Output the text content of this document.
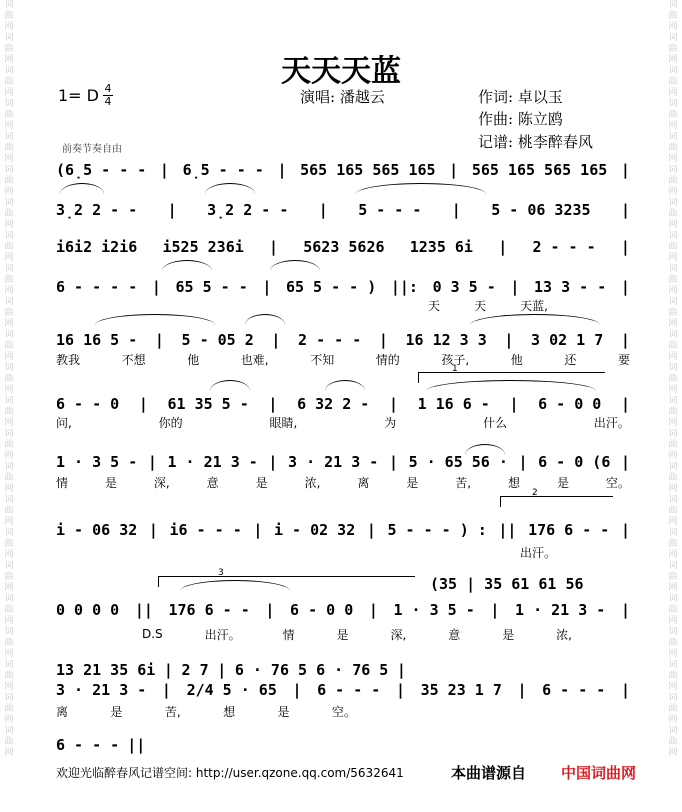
词
曲
网
词
曲
网
词
曲
网
词
曲
网
词
曲
网
词
曲
网
词
曲
网
词
曲
网
词
曲
网
词
曲
网
词
曲
网
词
曲
网
词
曲
网
词
曲
网
词
曲
网
词
曲
网
词
曲
网
词
曲
网
词
曲
网
词
曲
网
词
曲
网
词
曲
网
词
曲
网
词
曲
网
词
曲
网
词
曲
网
词
曲
网
词
曲
网
词
曲
网
词
曲
网
词
曲
网
词
曲
网
词
曲
网
词
曲
网
词
曲
网
词
曲
网
词
曲
网
词
曲
网
词
曲
网
词
曲
网
词
曲
网
词
曲
网
词
曲
网
词
曲
网
词
曲
网
词
曲
网
天天天蓝
1= D 4
4	演唱: 潘越云	作词: 卓以玉
作曲: 陈立鸥
记谱: 桃李醉春风
前奏节奏自由
(6̣5 - - - | 6̣5 - - - | 565 165 565 165 | 565 165 565 165 |
3̣2 2 - - | 3̣2 2 - - | 5 - - - | 5 - 06 3235 |
i6i2 i2i6 i525 236i | 5623 5626 1235 6i | 2 - - - |
6 - - - - | 65 5 - - | 65 5 - - ) ||: 0 3 5 - | 13 3 - - |
天	天	天蓝,
16 16 5 - | 5 - 05 2 | 2 - - - | 16 12 3 3 | 3 02 1 7 |
教我	不想	他	也难,	不知	情的	孩子,	他	还	要
6 - - 0 | 61 35 5 - | 6 32 2 - | 1 16 6 - | 6 - 0 0 |
问,	你的	眼睛,	为	什么	出汗。
1 · 3 5 - | 1 · 21 3 - | 3 · 21 3 - | 5 · 65 56 · | 6 - 0 (6 |
情	是	深,	意	是	浓,	离	是	苦,	想	是	空。
i - 06 32 | i6 - - - | i - 02 32 | 5 - - - ) : || 176 6 - - |
出汗。
(35 | 35 61 61 56
0 0 0 0 || 176 6 - - | 6 - 0 0 | 1 · 3 5 - | 1 · 21 3 - |
D.S	出汗。	情	是	深,	意	是	浓,
13 21 35 6i | 2 7 | 6 · 76 5 6 · 76 5 |
3 · 21 3 - | 2/4 5 · 65 | 6 - - - | 35 23 1 7 | 6 - - - |
离	是	苦,	想	是	空。
6 - - - ||
1
2
3
欢迎光临醉春风记谱空间: http://user.qzone.qq.com/5632641	本曲谱源自 中国词曲网
